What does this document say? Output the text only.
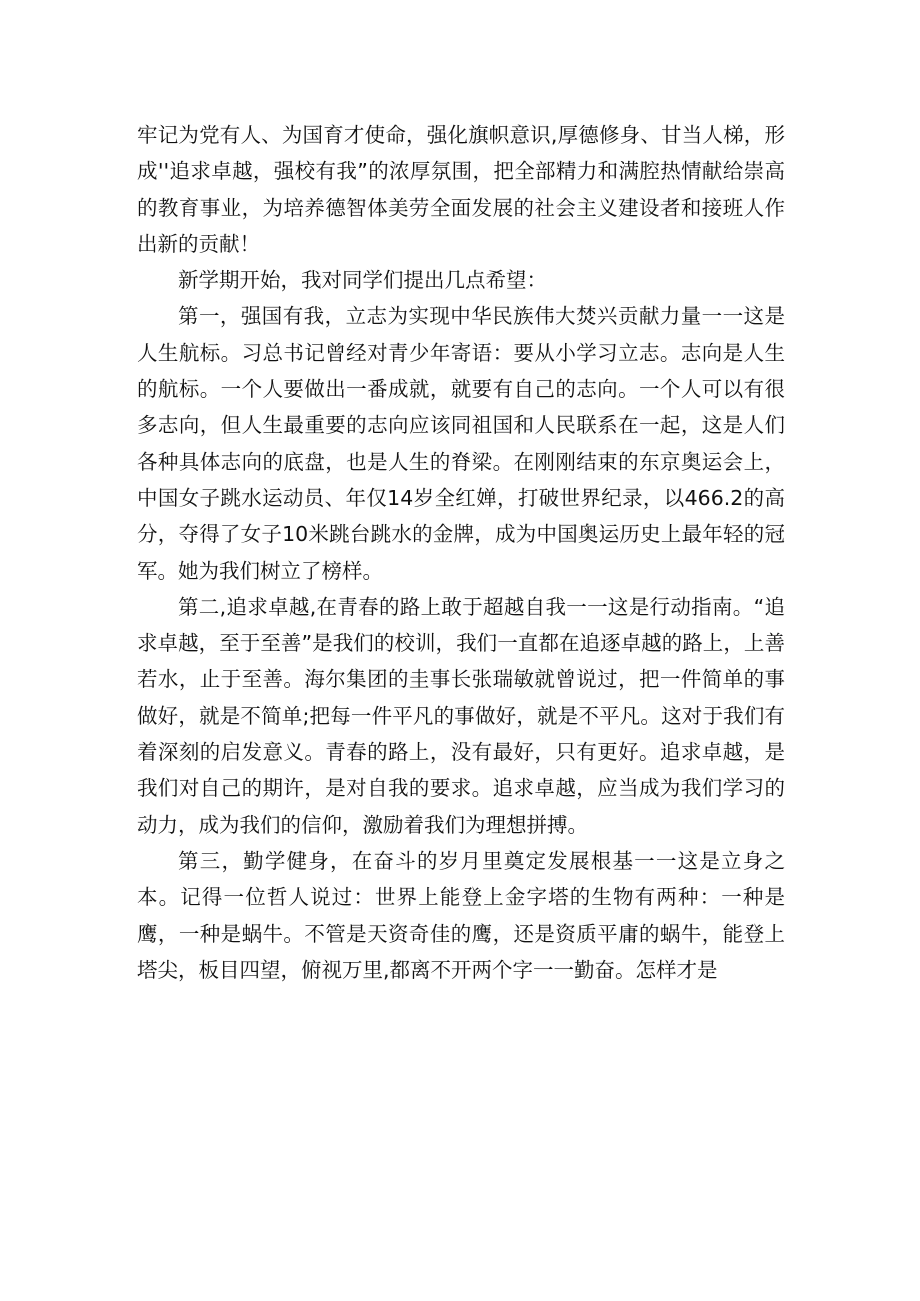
牢记为党有人、为国育才使命，强化旗帜意识,厚德修身、甘当人梯，形成''追求卓越，强校有我”的浓厚氛围，把全部精力和满腔热情献给崇高的教育事业，为培养德智体美劳全面发展的社会主义建设者和接班人作出新的贡献！

新学期开始，我对同学们提出几点希望：

第一，强国有我，立志为实现中华民族伟大焚兴贡献力量一一这是人生航标。习总书记曾经对青少年寄语：要从小学习立志。志向是人生的航标。一个人要做出一番成就，就要有自己的志向。一个人可以有很多志向，但人生最重要的志向应该同祖国和人民联系在一起，这是人们各种具体志向的底盘，也是人生的脊梁。在刚刚结束的东京奥运会上，中国女子跳水运动员、年仅14岁全红婵，打破世界纪录，以466.2的高分，夺得了女子10米跳台跳水的金牌，成为中国奥运历史上最年轻的冠军。她为我们树立了榜样。

第二,追求卓越,在青春的路上敢于超越自我一一这是行动指南。“追求卓越，至于至善”是我们的校训，我们一直都在追逐卓越的路上，上善若水，止于至善。海尔集团的圭事长张瑞敏就曾说过，把一件简单的事做好，就是不简单;把每一件平凡的事做好，就是不平凡。这对于我们有着深刻的启发意义。青春的路上，没有最好，只有更好。追求卓越，是我们对自己的期许，是对自我的要求。追求卓越，应当成为我们学习的动力，成为我们的信仰，激励着我们为理想拼搏。

第三，勤学健身，在奋斗的岁月里奠定发展根基一一这是立身之本。记得一位哲人说过：世界上能登上金字塔的生物有两种：一种是鹰，一种是蜗牛。不管是天资奇佳的鹰，还是资质平庸的蜗牛，能登上塔尖，板目四望，俯视万里,都离不开两个字一一勤奋。怎样才是
